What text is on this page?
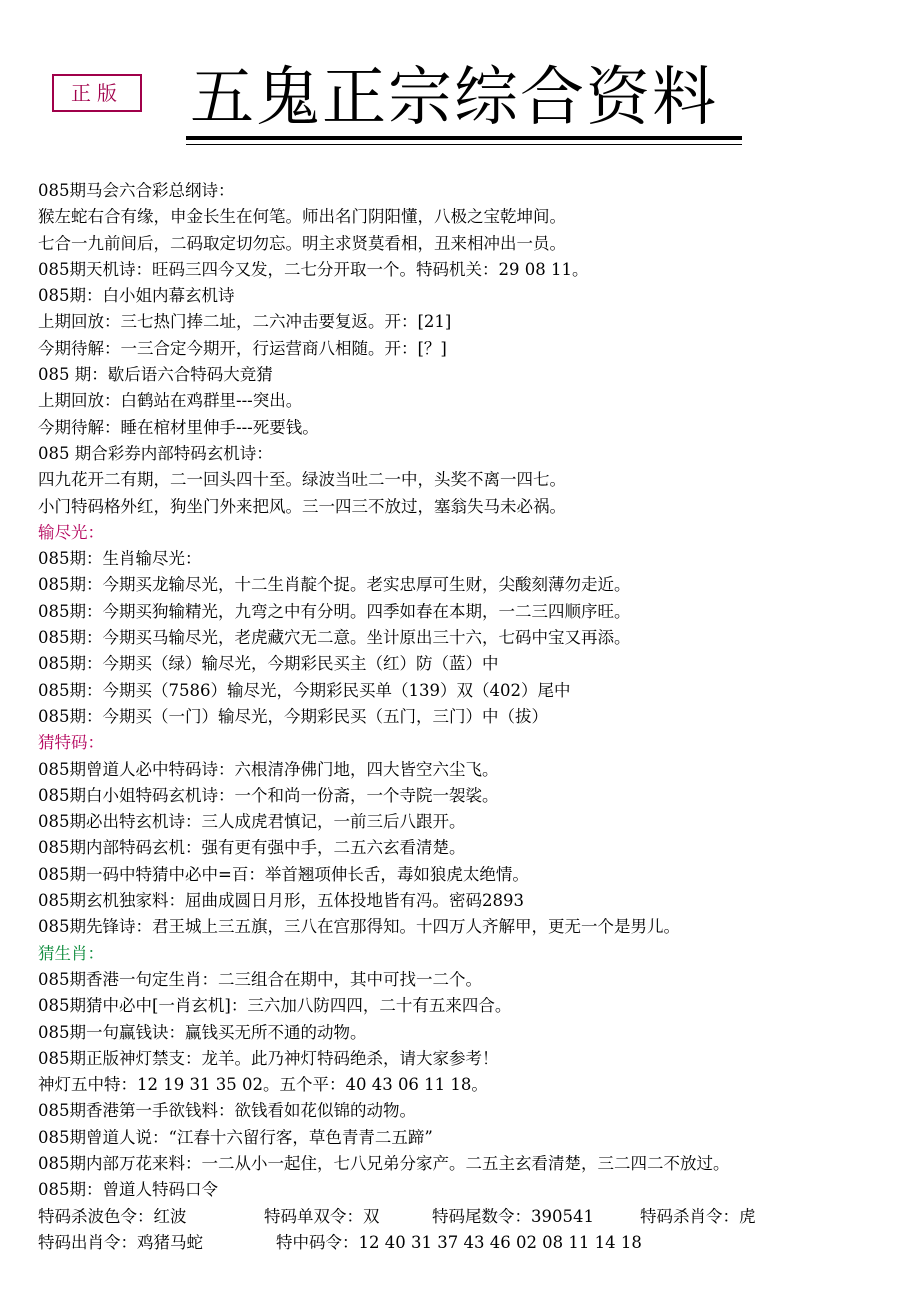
正版 五鬼正宗综合资料
085期马会六合彩总纲诗：
猴左蛇右合有缘，申金长生在何笔。师出名门阴阳懂，八极之宝乾坤间。
七合一九前间后，二码取定切勿忘。明主求贤莫看相，丑来相冲出一员。
085期天机诗：旺码三四今又发，二七分开取一个。特码机关：29 08 11。
085期：白小姐内幕玄机诗
上期回放：三七热门捧二址，二六冲击要复返。开：[21]
今期待解：一三合定今期开，行运营商八相随。开：[？]
085 期：歇后语六合特码大竞猜
上期回放：白鹤站在鸡群里---突出。
今期待解：睡在棺材里伸手---死要钱。
085 期合彩券内部特码玄机诗：
四九花开二有期，二一回头四十至。绿波当吐二一中，头奖不离一四七。
小门特码格外红，狗坐门外来把风。三一四三不放过，塞翁失马未必祸。
输尽光：
085期：生肖输尽光：
085期：今期买龙输尽光，十二生肖靛个捉。老实忠厚可生财，尖酸刻薄勿走近。
085期：今期买狗输精光，九弯之中有分明。四季如春在本期，一二三四顺序旺。
085期：今期买马输尽光，老虎藏穴无二意。坐计原出三十六，七码中宝又再添。
085期：今期买（绿）输尽光，今期彩民买主（红）防（蓝）中
085期：今期买（7586）输尽光，今期彩民买单（139）双（402）尾中
085期：今期买（一门）输尽光，今期彩民买（五门，三门）中（拔）
猜特码：
085期曾道人必中特码诗：六根清净佛门地，四大皆空六尘飞。
085期白小姐特码玄机诗：一个和尚一份斋，一个寺院一袈裟。
085期必出特玄机诗：三人成虎君慎记，一前三后八跟开。
085期内部特码玄机：强有更有强中手，二五六玄看清楚。
085期一码中特猜中必中=百：举首翘项伸长舌，毒如狼虎太绝情。
085期玄机独家料：屈曲成圆日月形，五体投地皆有冯。密码2893
085期先锋诗：君王城上三五旗，三八在宫那得知。十四万人齐解甲，更无一个是男儿。
猜生肖：
085期香港一句定生肖：二三组合在期中，其中可找一二个。
085期猜中必中[一肖玄机]：三六加八防四四，二十有五来四合。
085期一句赢钱诀：赢钱买无所不通的动物。
085期正版神灯禁支：龙羊。此乃神灯特码绝杀，请大家参考！
神灯五中特：12 19 31 35 02。五个平：40 43 06 11 18。
085期香港第一手欲钱料：欲钱看如花似锦的动物。
085期曾道人说：“江春十六留行客，草色青青二五蹄”
085期内部万花来料：一二从小一起住，七八兄弟分家产。二五主玄看清楚，三二四二不放过。
085期：曾道人特码口令
特码杀波色令：红波	特码单双令：双	特码尾数令：390541	特码杀肖令：虎
特码出肖令：鸡猪马蛇	特中码令：12 40 31 37 43 46 02 08 11 14 18
